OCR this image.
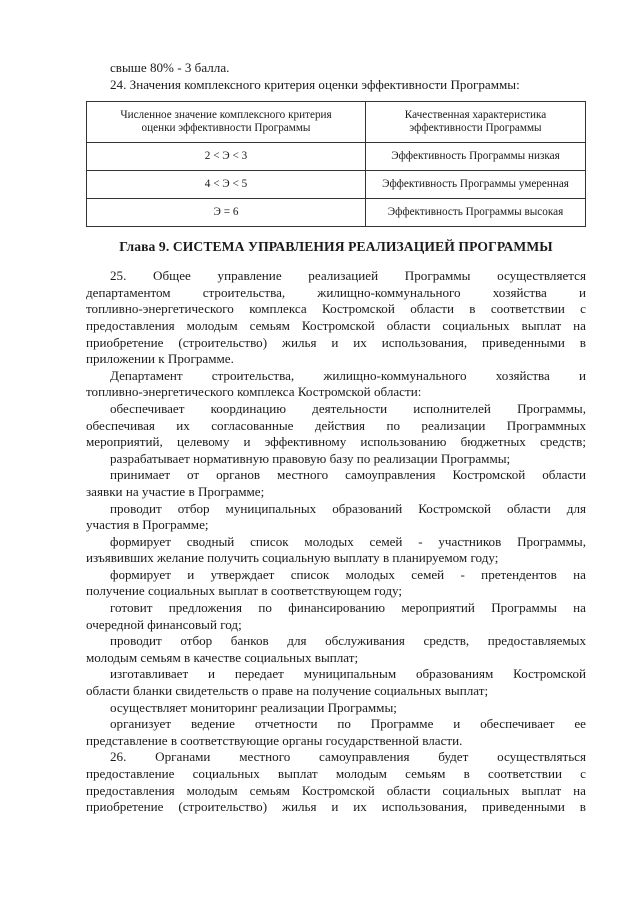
свыше 80% - 3 балла.
24. Значения комплексного критерия оценки эффективности Программы:
Численное значение комплексного критерия
оценки эффективности Программы	Качественная характеристика
эффективности Программы

2 < Э < 3	Эффективность Программы низкая
4 < Э < 5	Эффективность Программы умеренная
Э = 6	Эффективность Программы высокая
Глава 9. СИСТЕМА УПРАВЛЕНИЯ РЕАЛИЗАЦИЕЙ ПРОГРАММЫ
25. Общее управление реализацией Программы осуществляется
департаментом строительства, жилищно-коммунального хозяйства и
топливно-энергетического комплекса Костромской области в соответствии с
предоставления молодым семьям Костромской области социальных выплат на
приобретение (строительство) жилья и их использования, приведенными в
приложении к Программе.
Департамент строительства, жилищно-коммунального хозяйства и
топливно-энергетического комплекса Костромской области:
обеспечивает координацию деятельности исполнителей Программы,
обеспечивая их согласованные действия по реализации Программных
мероприятий, целевому и эффективному использованию бюджетных средств;
разрабатывает нормативную правовую базу по реализации Программы;
принимает от органов местного самоуправления Костромской области
заявки на участие в Программе;
проводит отбор муниципальных образований Костромской области для
участия в Программе;
формирует сводный список молодых семей - участников Программы,
изъявивших желание получить социальную выплату в планируемом году;
формирует и утверждает список молодых семей - претендентов на
получение социальных выплат в соответствующем году;
готовит предложения по финансированию мероприятий Программы на
очередной финансовый год;
проводит отбор банков для обслуживания средств, предоставляемых
молодым семьям в качестве социальных выплат;
изготавливает и передает муниципальным образованиям Костромской
области бланки свидетельств о праве на получение социальных выплат;
осуществляет мониторинг реализации Программы;
организует ведение отчетности по Программе и обеспечивает ее
представление в соответствующие органы государственной власти.
26. Органами местного самоуправления будет осуществляться
предоставление социальных выплат молодым семьям в соответствии с
предоставления молодым семьям Костромской области социальных выплат на
приобретение (строительство) жилья и их использования, приведенными в
